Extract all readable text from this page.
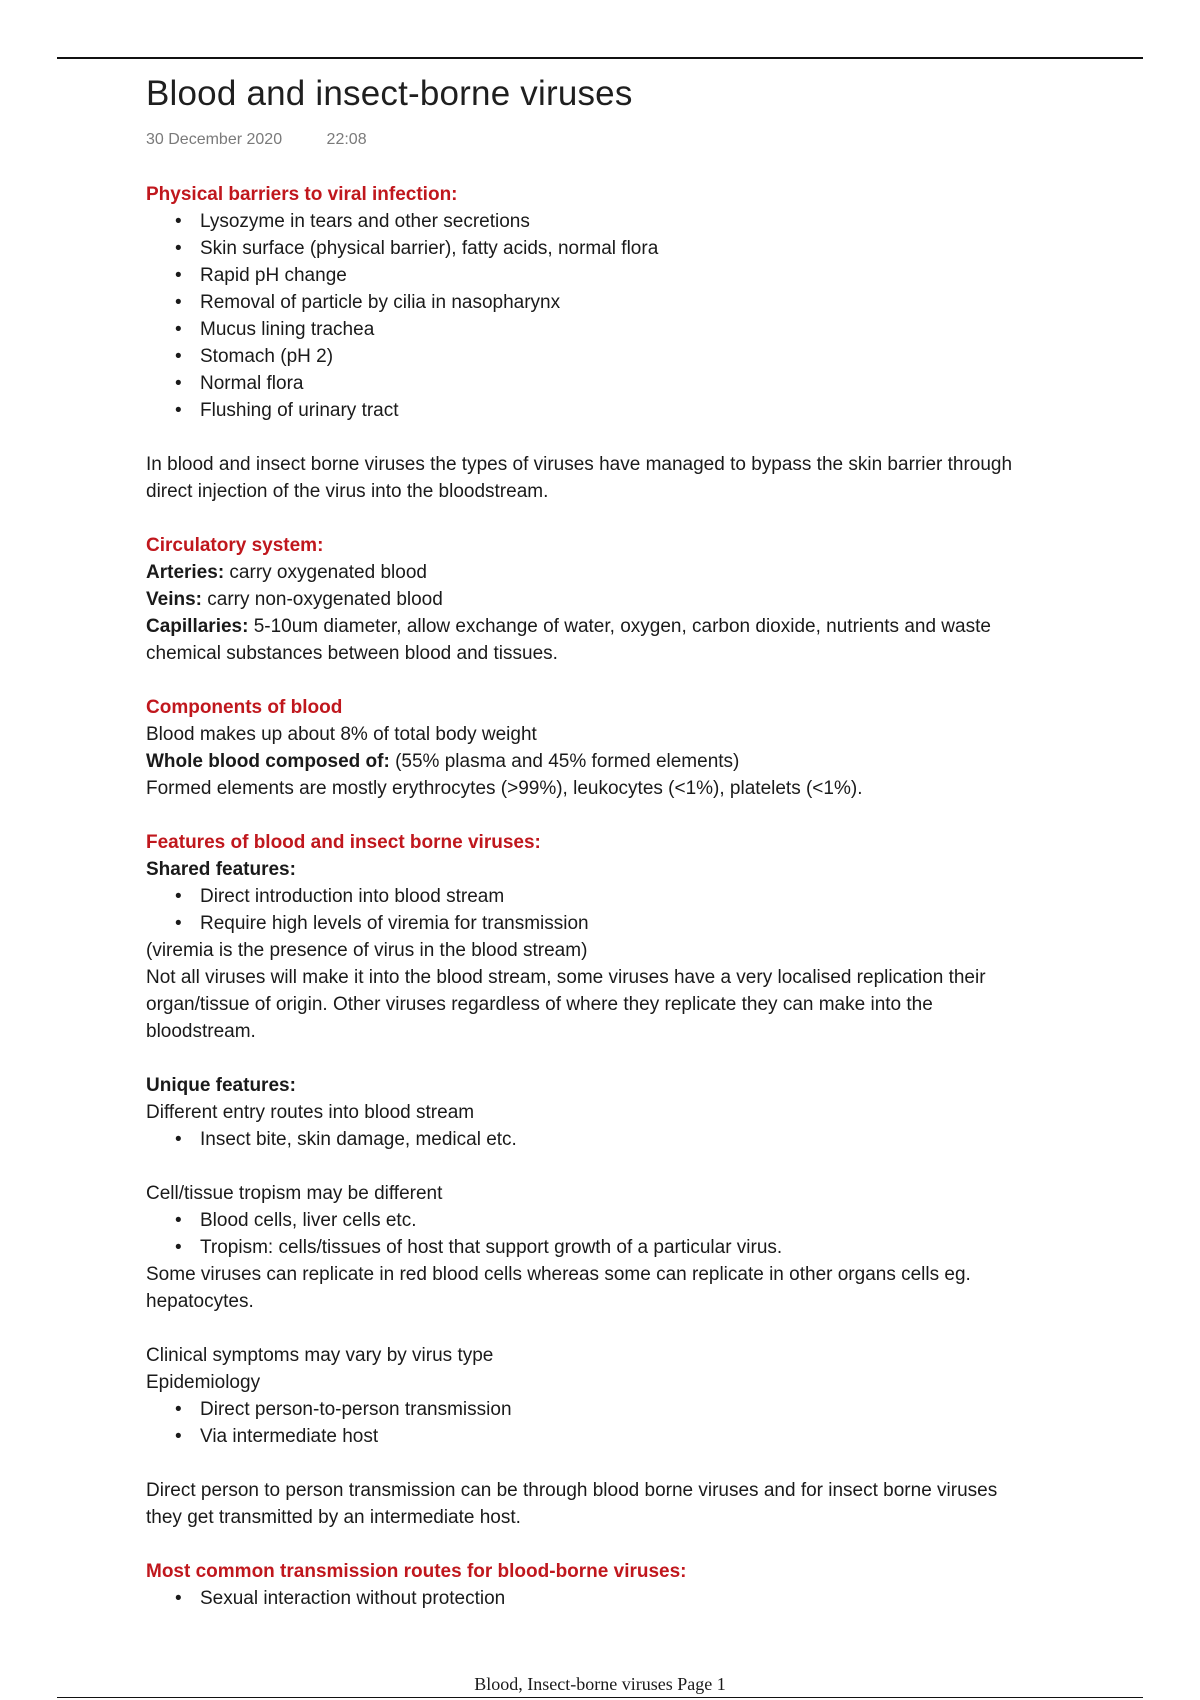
Blood and insect-borne viruses
30 December 2020	22:08

Physical barriers to viral infection:

• Lysozyme in tears and other secretions
• Skin surface (physical barrier), fatty acids, normal flora
• Rapid pH change
• Removal of particle by cilia in nasopharynx
• Mucus lining trachea
• Stomach (pH 2)
• Normal flora
• Flushing of urinary tract

In blood and insect borne viruses the types of viruses have managed to bypass the skin barrier through

direct injection of the virus into the bloodstream.

Circulatory system:

Arteries: carry oxygenated blood

Veins: carry non-oxygenated blood

Capillaries: 5-10um diameter, allow exchange of water, oxygen, carbon dioxide, nutrients and waste

chemical substances between blood and tissues.

Components of blood

Blood makes up about 8% of total body weight

Whole blood composed of: (55% plasma and 45% formed elements)

Formed elements are mostly erythrocytes (>99%), leukocytes (<1%), platelets (<1%).

Features of blood and insect borne viruses:

Shared features:

• Direct introduction into blood stream
• Require high levels of viremia for transmission

(viremia is the presence of virus in the blood stream)

Not all viruses will make it into the blood stream, some viruses have a very localised replication their

organ/tissue of origin. Other viruses regardless of where they replicate they can make into the

bloodstream.

Unique features:

Different entry routes into blood stream

• Insect bite, skin damage, medical etc.

Cell/tissue tropism may be different

• Blood cells, liver cells etc.
• Tropism: cells/tissues of host that support growth of a particular virus.

Some viruses can replicate in red blood cells whereas some can replicate in other organs cells eg.

hepatocytes.

Clinical symptoms may vary by virus type

Epidemiology

• Direct person-to-person transmission
• Via intermediate host

Direct person to person transmission can be through blood borne viruses and for insect borne viruses

they get transmitted by an intermediate host.

Most common transmission routes for blood-borne viruses:

• Sexual interaction without protection
Blood, Insect-borne viruses Page 1
